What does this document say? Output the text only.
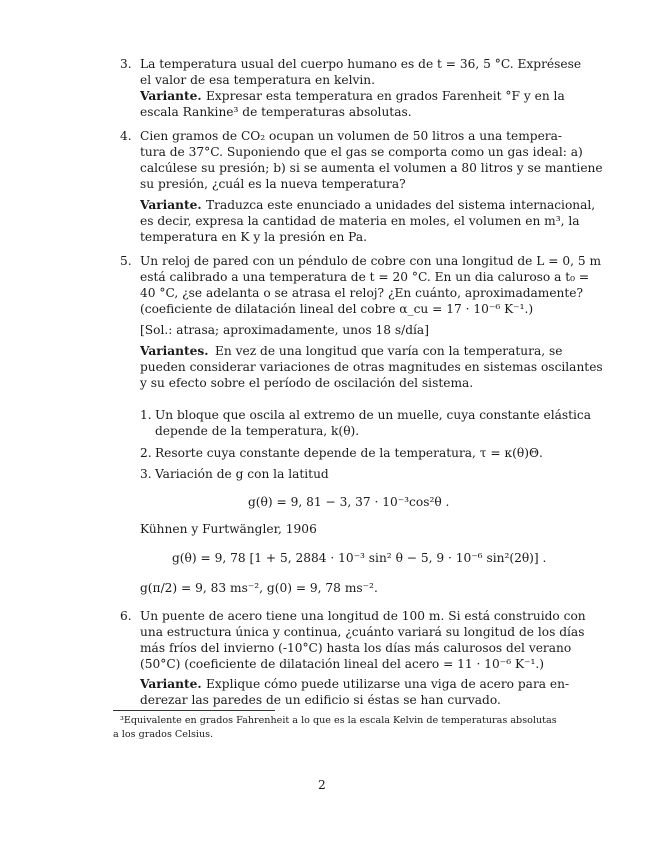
3. La temperatura usual del cuerpo humano es de t = 36, 5 °C. Exprésese
el valor de esa temperatura en kelvin.
Variante. Expresar esta temperatura en grados Farenheit °F y en la
escala Rankine³ de temperaturas absolutas.
4. Cien gramos de CO₂ ocupan un volumen de 50 litros a una tempera-
tura de 37°C. Suponiendo que el gas se comporta como un gas ideal: a)
calcúlese su presión; b) si se aumenta el volumen a 80 litros y se mantiene
su presión, ¿cuál es la nueva temperatura?
Variante. Traduzca este enunciado a unidades del sistema internacional,
es decir, expresa la cantidad de materia en moles, el volumen en m³, la
temperatura en K y la presión en Pa.
5. Un reloj de pared con un péndulo de cobre con una longitud de L = 0, 5 m
está calibrado a una temperatura de t = 20 °C. En un dia caluroso a t₀ =
40 °C, ¿se adelanta o se atrasa el reloj? ¿En cuánto, aproximadamente?
(coeficiente de dilatación lineal del cobre α_cu = 17 · 10⁻⁶ K⁻¹.)
[Sol.: atrasa; aproximadamente, unos 18 s/día]
Variantes. En vez de una longitud que varía con la temperatura, se
pueden considerar variaciones de otras magnitudes en sistemas oscilantes
y su efecto sobre el período de oscilación del sistema.
1. Un bloque que oscila al extremo de un muelle, cuya constante elástica
depende de la temperatura, k(θ).
2. Resorte cuya constante depende de la temperatura, τ = κ(θ)Θ.
3. Variación de g con la latitud
g(θ) = 9, 81 − 3, 37 · 10⁻³cos²θ .
Kühnen y Furtwängler, 1906
g(θ) = 9, 78 [1 + 5, 2884 · 10⁻³ sin² θ − 5, 9 · 10⁻⁶ sin²(2θ)] .
g(π/2) = 9, 83 ms⁻², g(0) = 9, 78 ms⁻².
6. Un puente de acero tiene una longitud de 100 m. Si está construido con
una estructura única y continua, ¿cuánto variará su longitud de los días
más fríos del invierno (-10°C) hasta los días más calurosos del verano
(50°C) (coeficiente de dilatación lineal del acero = 11 · 10⁻⁶ K⁻¹.)
Variante. Explique cómo puede utilizarse una viga de acero para en-
derezar las paredes de un edificio si éstas se han curvado.
³Equivalente en grados Fahrenheit a lo que es la escala Kelvin de temperaturas absolutas
a los grados Celsius.
2
